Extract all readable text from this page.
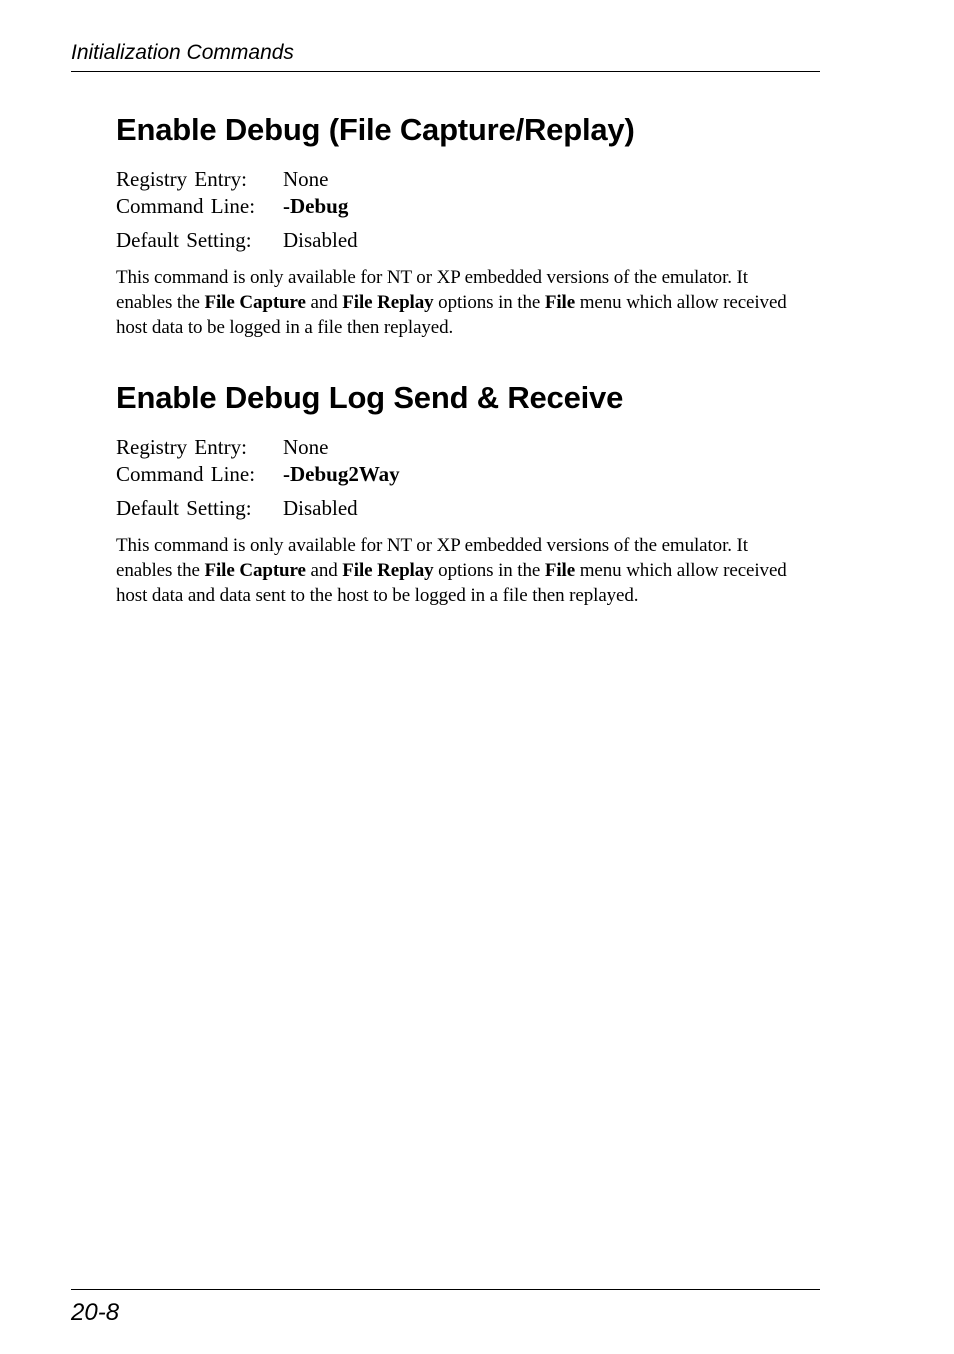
Initialization Commands
Enable Debug (File Capture/Replay)
Registry Entry: None
Command Line: -Debug
Default Setting: Disabled

This command is only available for NT or XP embedded versions of the emulator. It enables the File Capture and File Replay options in the File menu which allow received host data to be logged in a file then replayed.

Enable Debug Log Send & Receive
Registry Entry: None
Command Line: -Debug2Way
Default Setting: Disabled

This command is only available for NT or XP embedded versions of the emulator. It enables the File Capture and File Replay options in the File menu which allow received host data and data sent to the host to be logged in a file then replayed.

20-8
